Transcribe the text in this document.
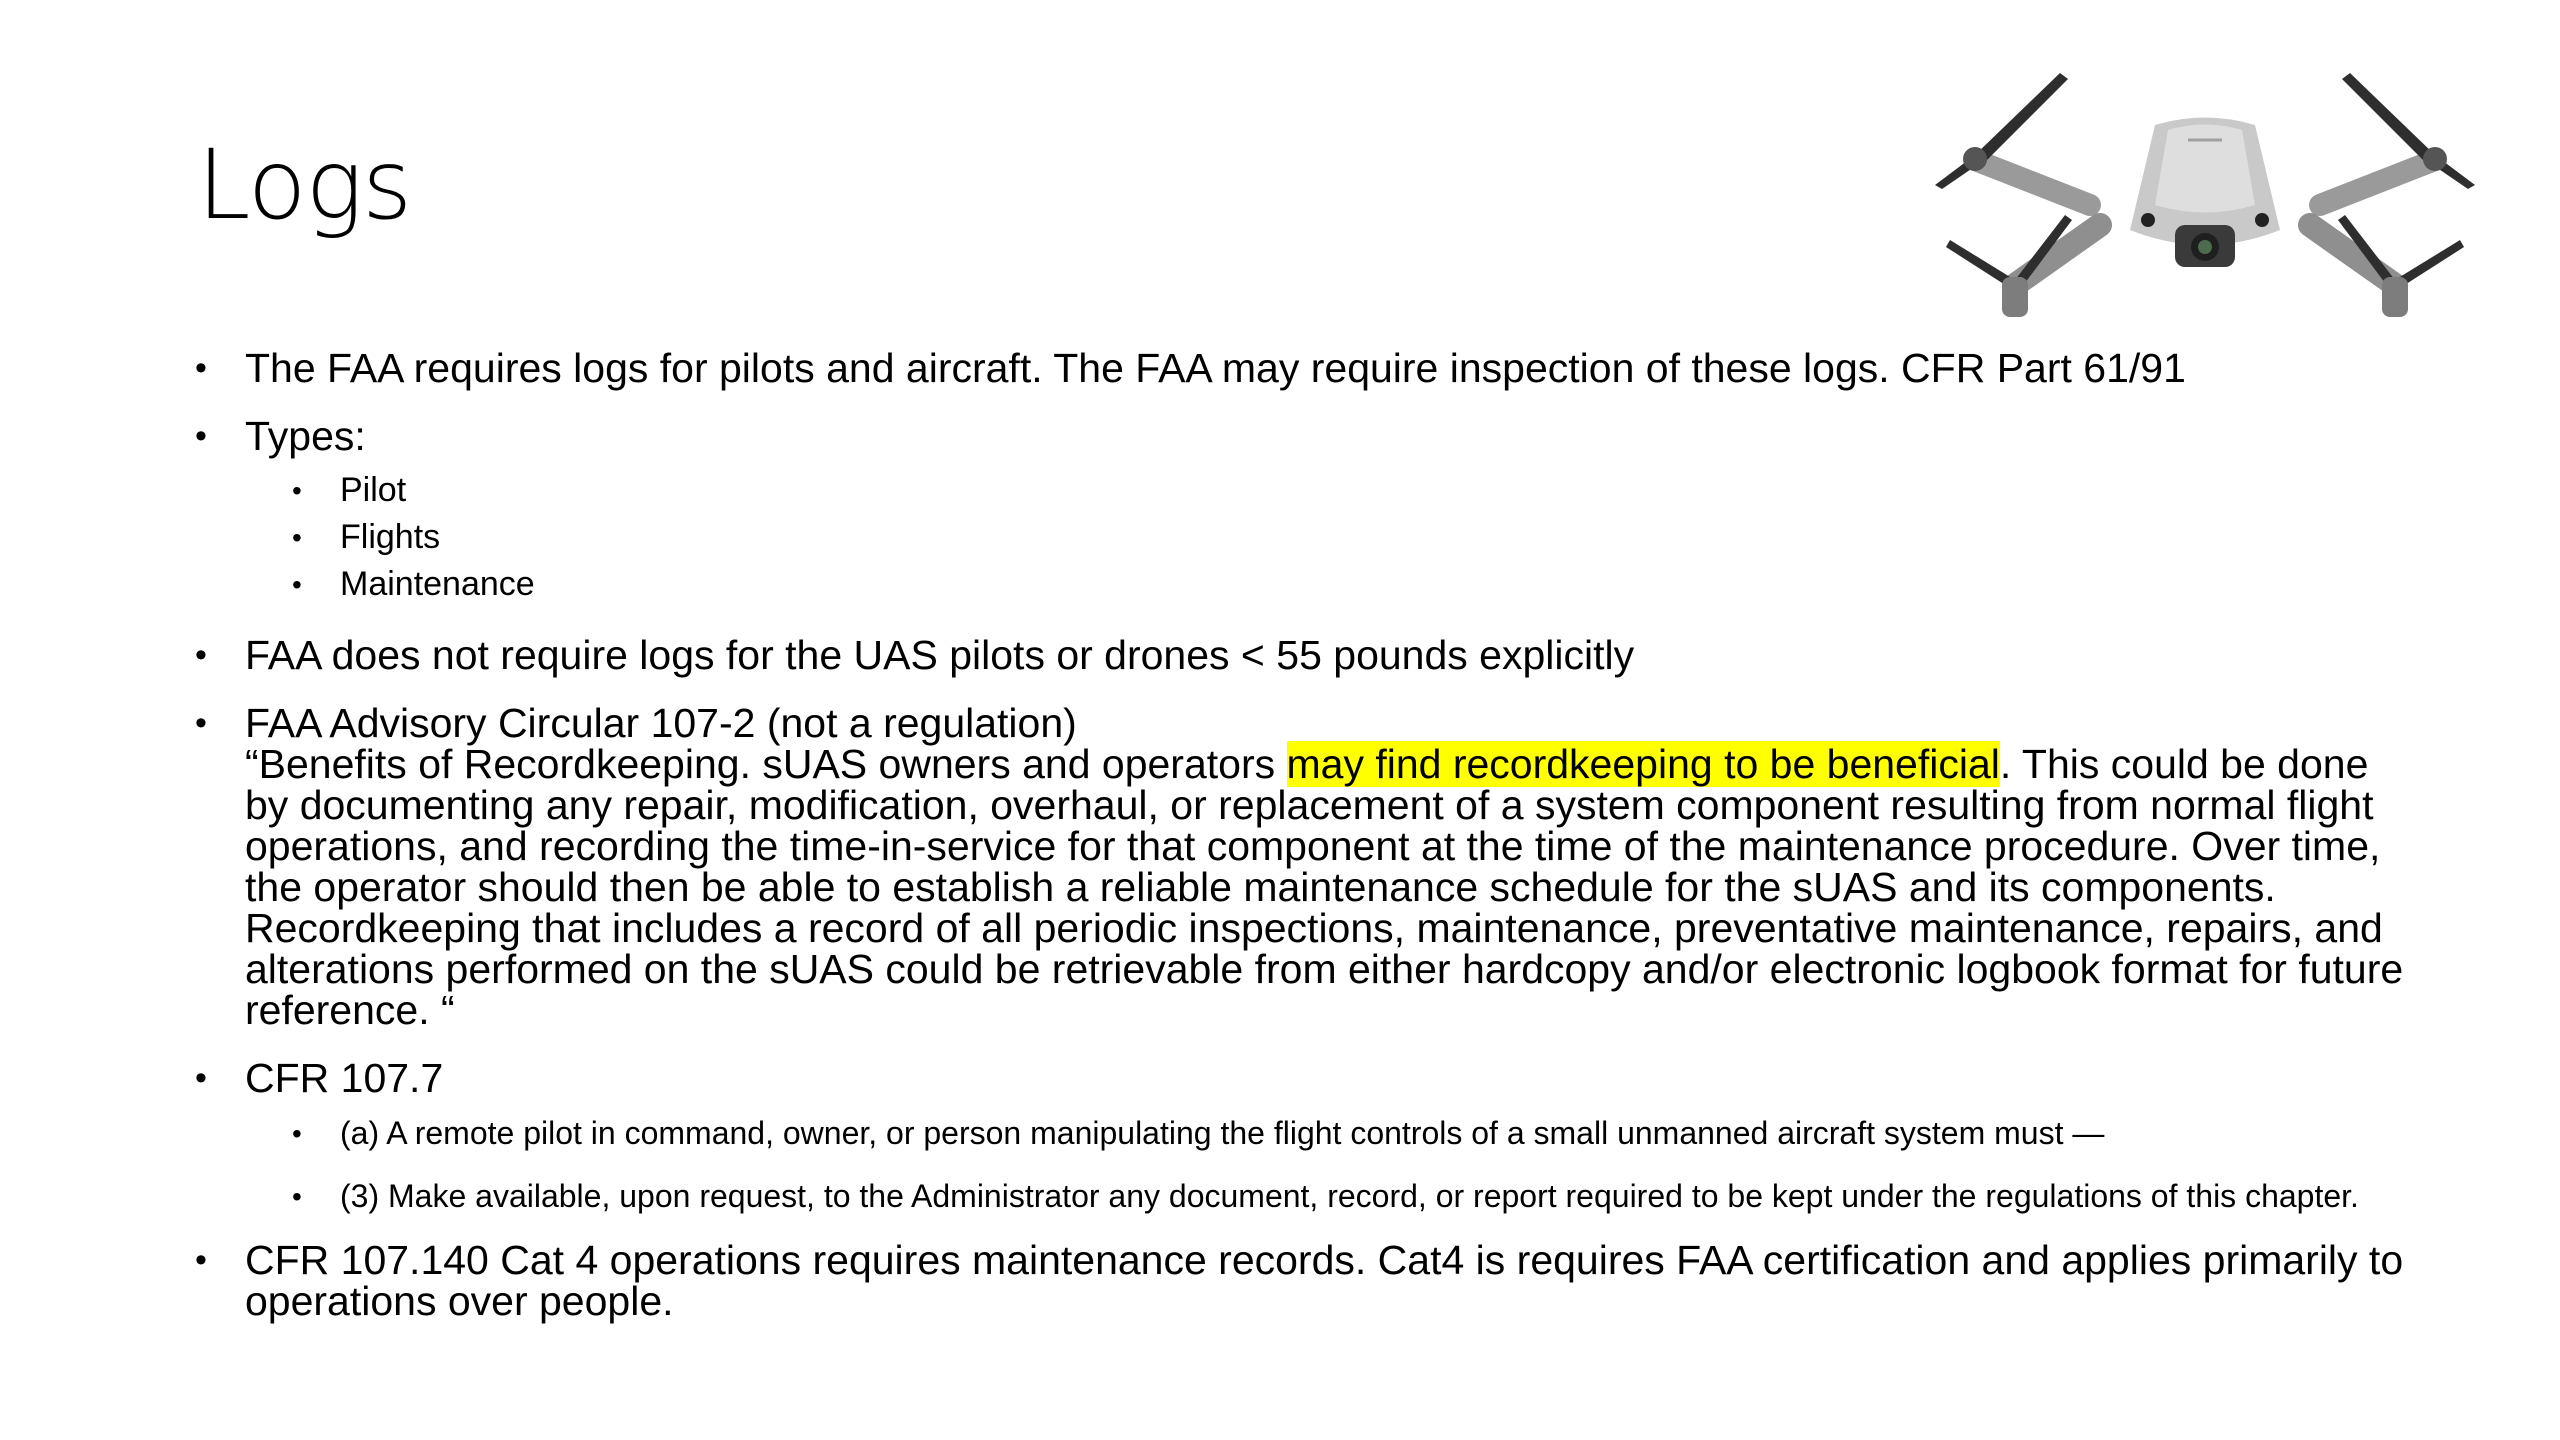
Logs
• The FAA requires logs for pilots and aircraft. The FAA may require inspection of these logs. CFR Part 61/91
• Types:
• Pilot
• Flights
• Maintenance
• FAA does not require logs for the UAS pilots or drones < 55 pounds explicitly
• FAA Advisory Circular 107-2 (not a regulation)
“Benefits of Recordkeeping. sUAS owners and operators may find recordkeeping to be beneficial. This could be done by documenting any repair, modification, overhaul, or replacement of a system component resulting from normal flight operations, and recording the time-in-service for that component at the time of the maintenance procedure. Over time, the operator should then be able to establish a reliable maintenance schedule for the sUAS and its components. Recordkeeping that includes a record of all periodic inspections, maintenance, preventative maintenance, repairs, and alterations performed on the sUAS could be retrievable from either hardcopy and/or electronic logbook format for future reference. “
• CFR 107.7
• (a) A remote pilot in command, owner, or person manipulating the flight controls of a small unmanned aircraft system must —
• (3) Make available, upon request, to the Administrator any document, record, or report required to be kept under the regulations of this chapter.
• CFR 107.140 Cat 4 operations requires maintenance records. Cat4 is requires FAA certification and applies primarily to operations over people.
